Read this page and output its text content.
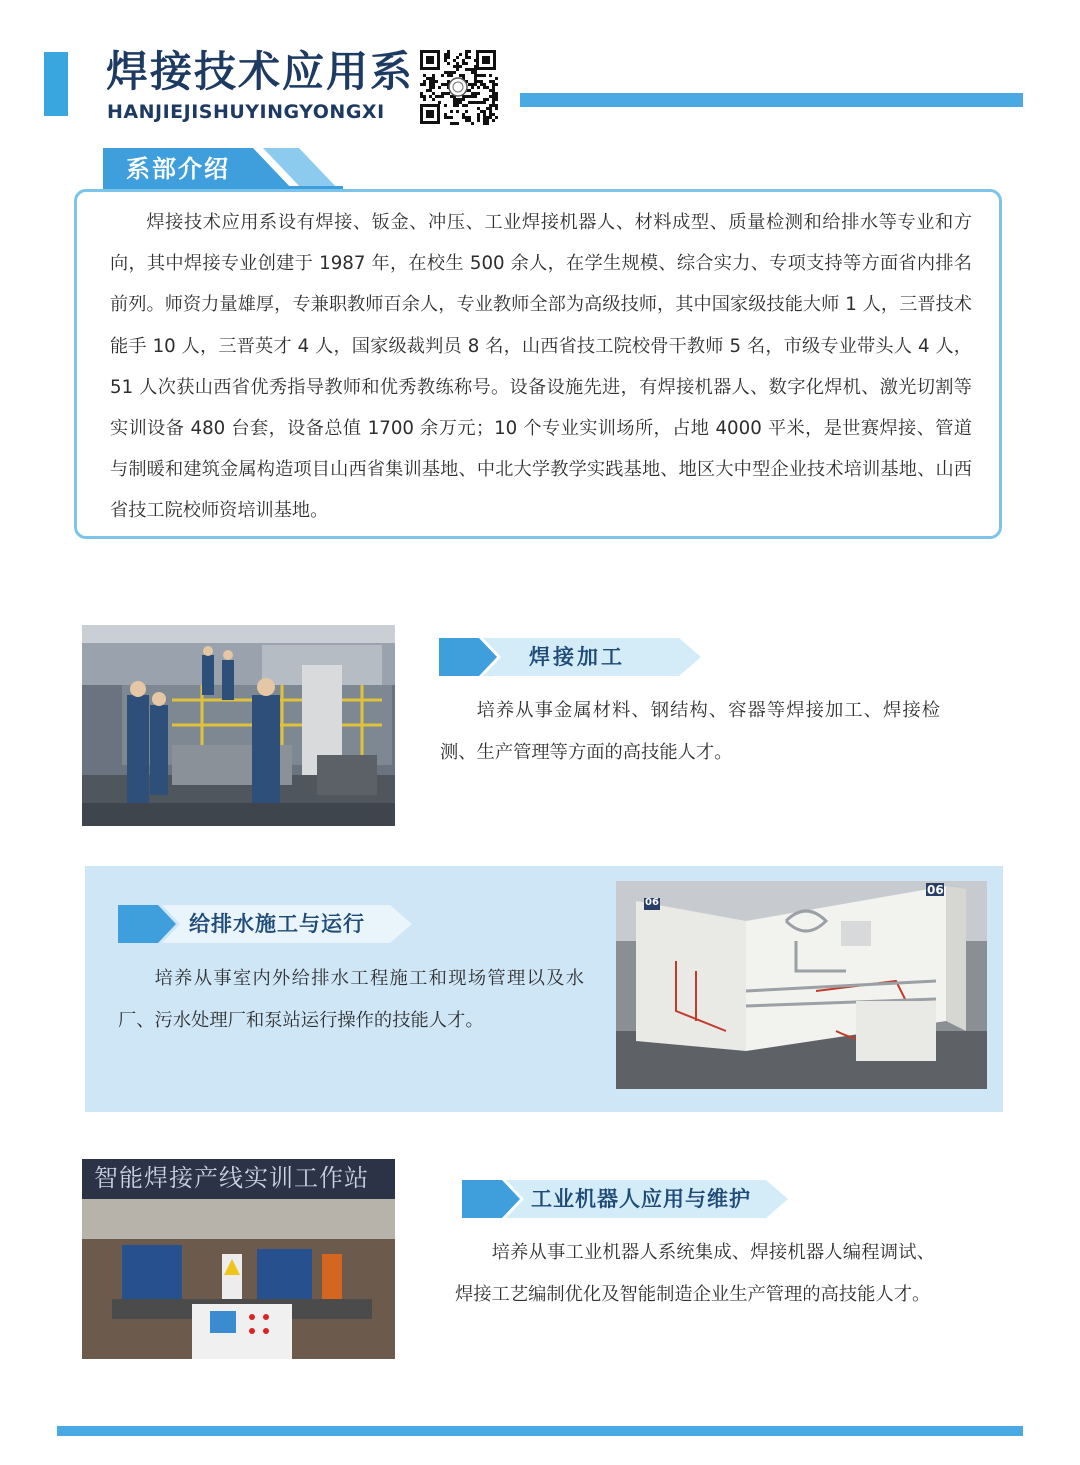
焊接技术应用系
HANJIEJISHUYINGYONGXI
系部介绍
焊接技术应用系设有焊接、钣金、冲压、工业焊接机器人、材料成型、质量检测和给排水等专业和方向，其中焊接专业创建于 1987 年，在校生 500 余人，在学生规模、综合实力、专项支持等方面省内排名前列。师资力量雄厚，专兼职教师百余人，专业教师全部为高级技师，其中国家级技能大师 1 人，三晋技术能手 10 人，三晋英才 4 人，国家级裁判员 8 名，山西省技工院校骨干教师 5 名，市级专业带头人 4 人，51 人次获山西省优秀指导教师和优秀教练称号。设备设施先进，有焊接机器人、数字化焊机、激光切割等实训设备 480 台套，设备总值 1700 余万元；10 个专业实训场所，占地 4000 平米，是世赛焊接、管道与制暖和建筑金属构造项目山西省集训基地、中北大学教学实践基地、地区大中型企业技术培训基地、山西省技工院校师资培训基地。
焊接加工
培养从事金属材料、钢结构、容器等焊接加工、焊接检测、生产管理等方面的高技能人才。
给排水施工与运行
培养从事室内外给排水工程施工和现场管理以及水厂、污水处理厂和泵站运行操作的技能人才。
06
06
智能焊接产线实训工作站
工业机器人应用与维护
培养从事工业机器人系统集成、焊接机器人编程调试、焊接工艺编制优化及智能制造企业生产管理的高技能人才。
